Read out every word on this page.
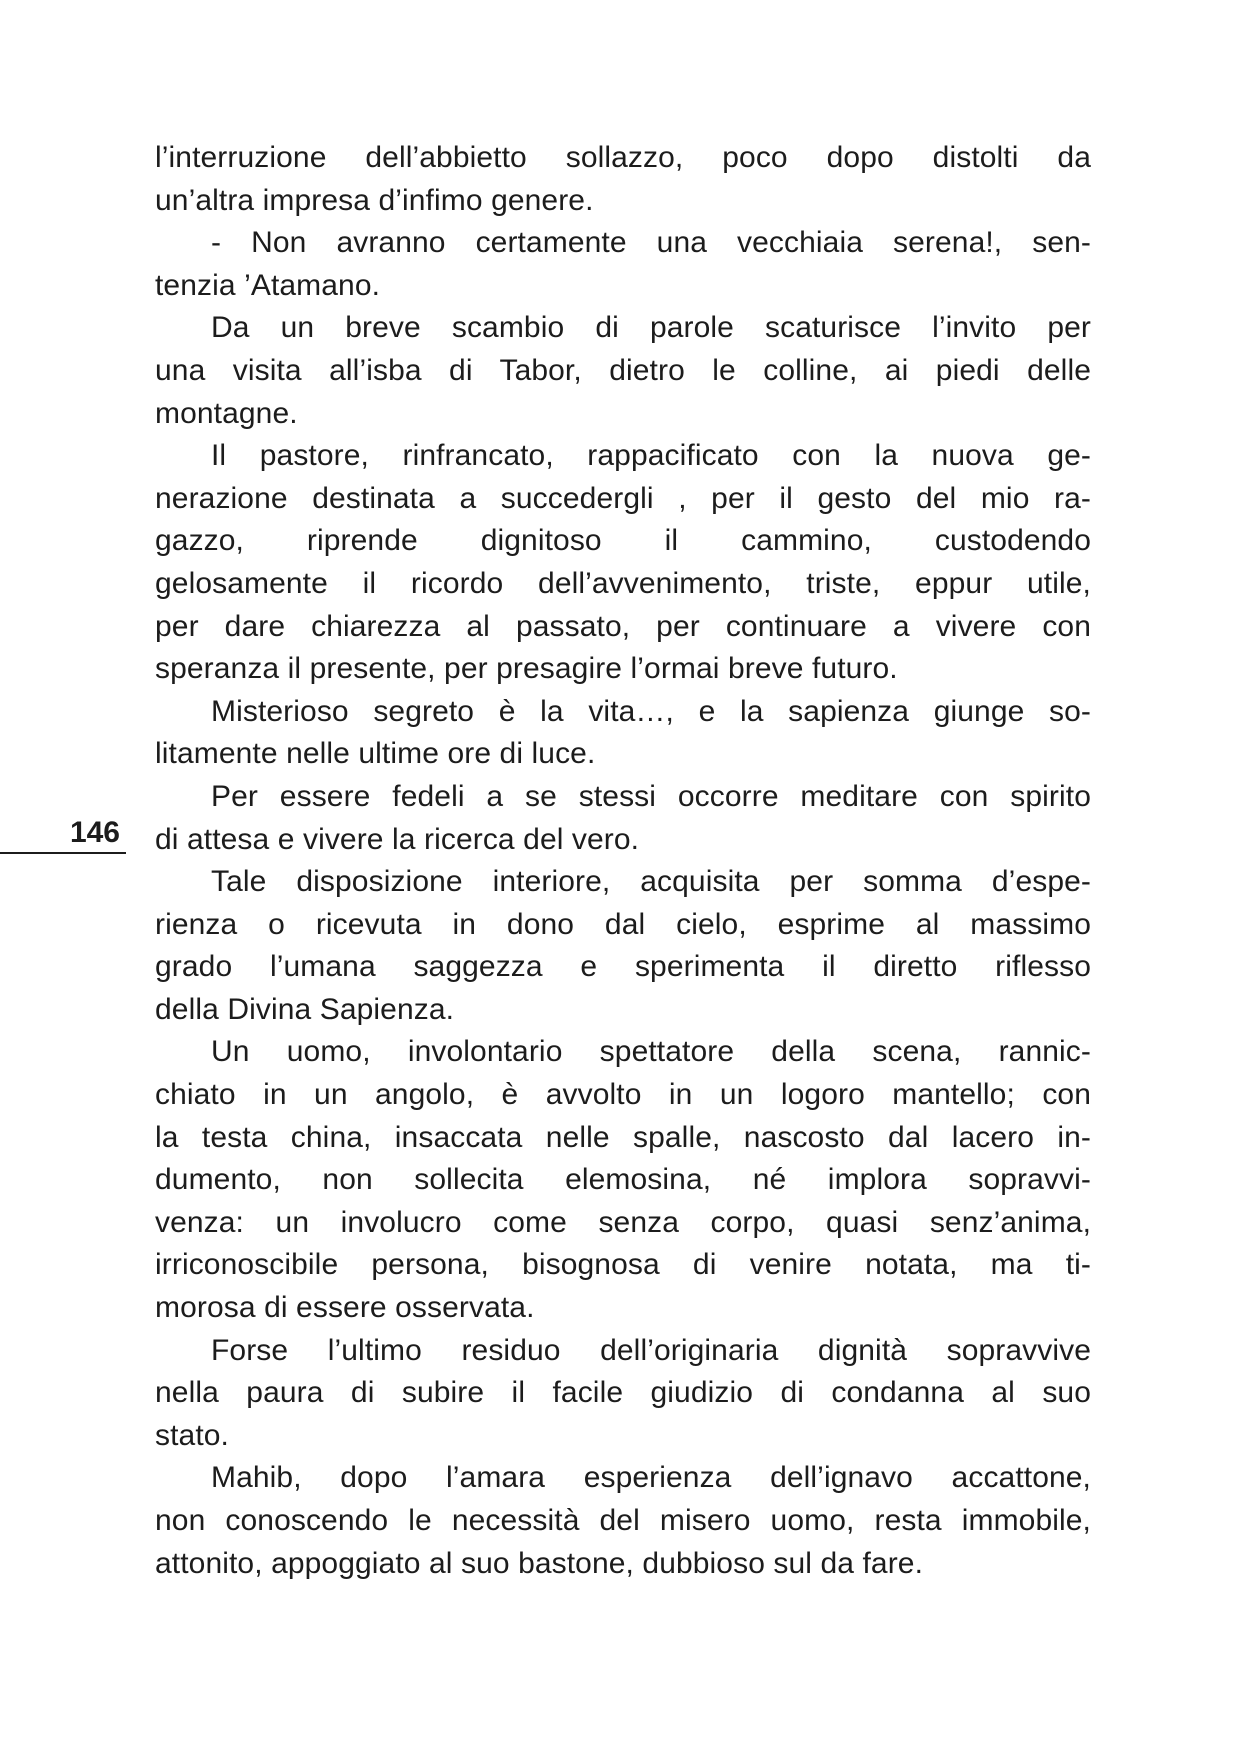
146
l’interruzione dell’abbietto sollazzo, poco dopo distolti da
un’altra impresa d’infimo genere.
- Non avranno certamente una vecchiaia serena!, sen-
tenzia ’Atamano.
Da un breve scambio di parole scaturisce l’invito per
una visita all’isba di Tabor, dietro le colline, ai piedi delle
montagne.
Il pastore, rinfrancato, rappacificato con la nuova ge-
nerazione destinata a succedergli , per il gesto del mio ra-
gazzo, riprende dignitoso il cammino, custodendo
gelosamente il ricordo dell’avvenimento, triste, eppur utile,
per dare chiarezza al passato, per continuare a vivere con
speranza il presente, per presagire l’ormai breve futuro.
Misterioso segreto è la vita…, e la sapienza giunge so-
litamente nelle ultime ore di luce.
Per essere fedeli a se stessi occorre meditare con spirito
di attesa e vivere la ricerca del vero.
Tale disposizione interiore, acquisita per somma d’espe-
rienza o ricevuta in dono dal cielo, esprime al massimo
grado l’umana saggezza e sperimenta il diretto riflesso
della Divina Sapienza.
Un uomo, involontario spettatore della scena, rannic-
chiato in un angolo, è avvolto in un logoro mantello; con
la testa china, insaccata nelle spalle, nascosto dal lacero in-
dumento, non sollecita elemosina, né implora sopravvi-
venza: un involucro come senza corpo, quasi senz’anima,
irriconoscibile persona, bisognosa di venire notata, ma ti-
morosa di essere osservata.
Forse l’ultimo residuo dell’originaria dignità sopravvive
nella paura di subire il facile giudizio di condanna al suo
stato.
Mahib, dopo l’amara esperienza dell’ignavo accattone,
non conoscendo le necessità del misero uomo, resta immobile,
attonito, appoggiato al suo bastone, dubbioso sul da fare.
